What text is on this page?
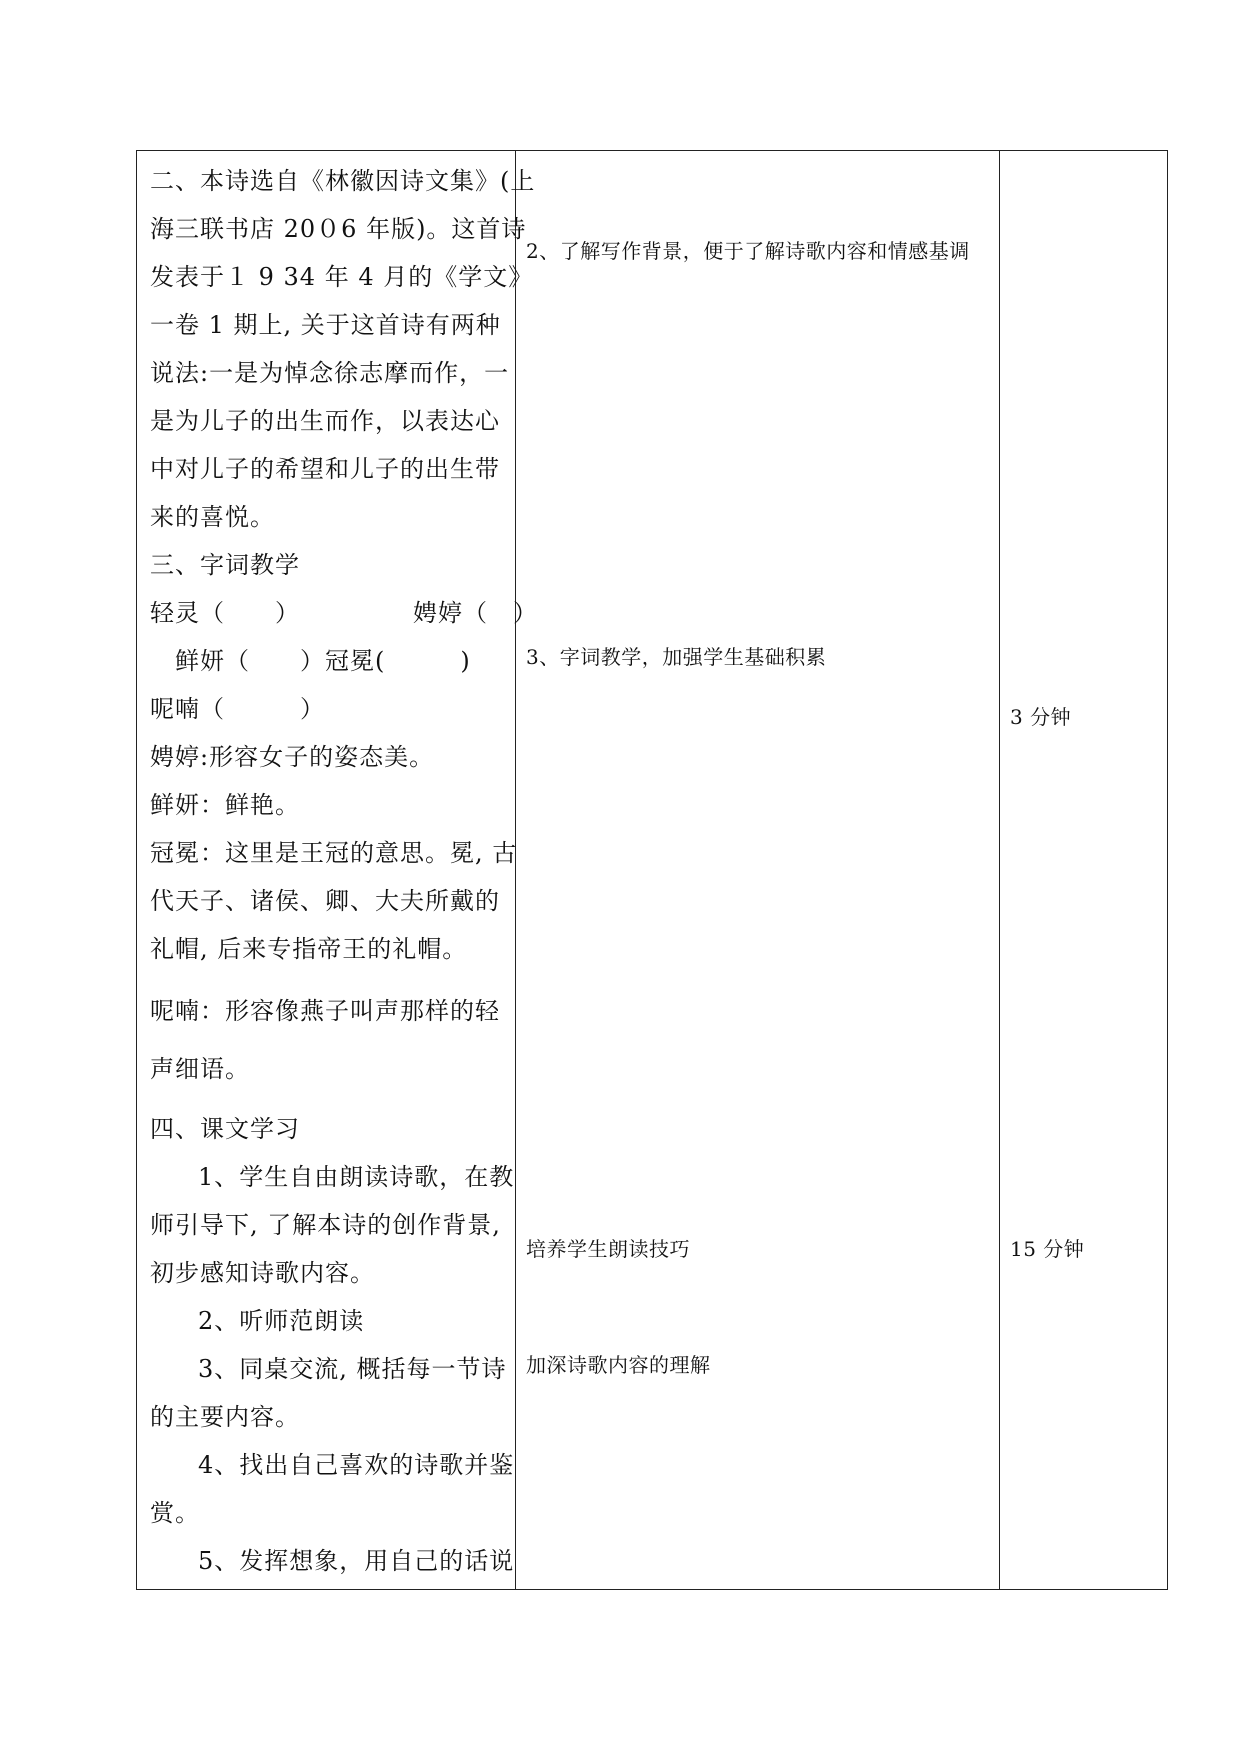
二、本诗选自《林徽因诗文集》(上
海三联书店 20０6 年版)。这首诗
发表于１ 9 34 年 4 月的《学文》
一卷 1 期上, 关于这首诗有两种
说法:一是为悼念徐志摩而作，一
是为儿子的出生而作，以表达心
中对儿子的希望和儿子的出生带
来的喜悦。
三、字词教学
轻灵（　　）　　　　　娉婷（　）
　鲜妍（　　）冠冕(　　　)
呢喃（　　　）
娉婷:形容女子的姿态美。
鲜妍：鲜艳。
冠冕：这里是王冠的意思。冕, 古
代天子、诸侯、卿、大夫所戴的
礼帽, 后来专指帝王的礼帽。
呢喃：形容像燕子叫声那样的轻
声细语。
四、课文学习
1、学生自由朗读诗歌，在教
师引导下, 了解本诗的创作背景,
初步感知诗歌内容。
2、听师范朗读
3、同桌交流, 概括每一节诗
的主要内容。
4、找出自己喜欢的诗歌并鉴
赏。
5、发挥想象，用自己的话说
2、了解写作背景，便于了解诗歌内容和情感基调
3、字词教学，加强学生基础积累
培养学生朗读技巧
加深诗歌内容的理解
3 分钟
15 分钟
